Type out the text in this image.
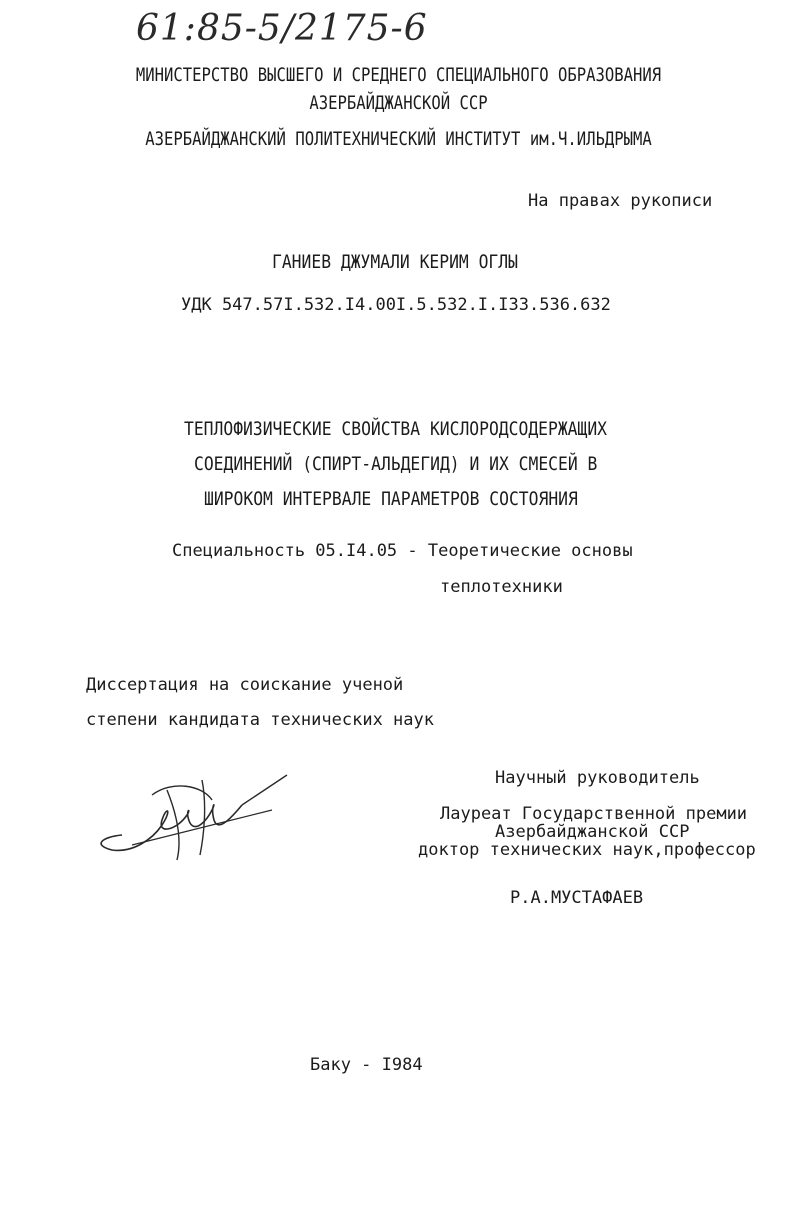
61:85-5/2175-6
МИНИСТЕРСТВО ВЫСШЕГО И СРЕДНЕГО СПЕЦИАЛЬНОГО ОБРАЗОВАНИЯ
АЗЕРБАЙДЖАНСКОЙ ССР
АЗЕРБАЙДЖАНСКИЙ ПОЛИТЕХНИЧЕСКИЙ ИНСТИТУТ им.Ч.ИЛЬДРЫМА
На правах рукописи
ГАНИЕВ ДЖУМАЛИ КЕРИМ ОГЛЫ
УДК 547.57I.532.I4.00I.5.532.I.I33.536.632
ТЕПЛОФИЗИЧЕСКИЕ СВОЙСТВА КИСЛОРОДСОДЕРЖАЩИХ
СОЕДИНЕНИЙ (СПИРТ-АЛЬДЕГИД) И ИХ СМЕСЕЙ В
ШИРОКОМ ИНТЕРВАЛЕ ПАРАМЕТРОВ СОСТОЯНИЯ
Специальность 05.I4.05 - Теоретические основы
теплотехники
Диссертация на соискание ученой
степени кандидата технических наук
Научный руководитель
Лауреат Государственной премии
Азербайджанской ССР
доктор технических наук,профессор
Р.А.МУСТАФАЕВ
Баку - I984
